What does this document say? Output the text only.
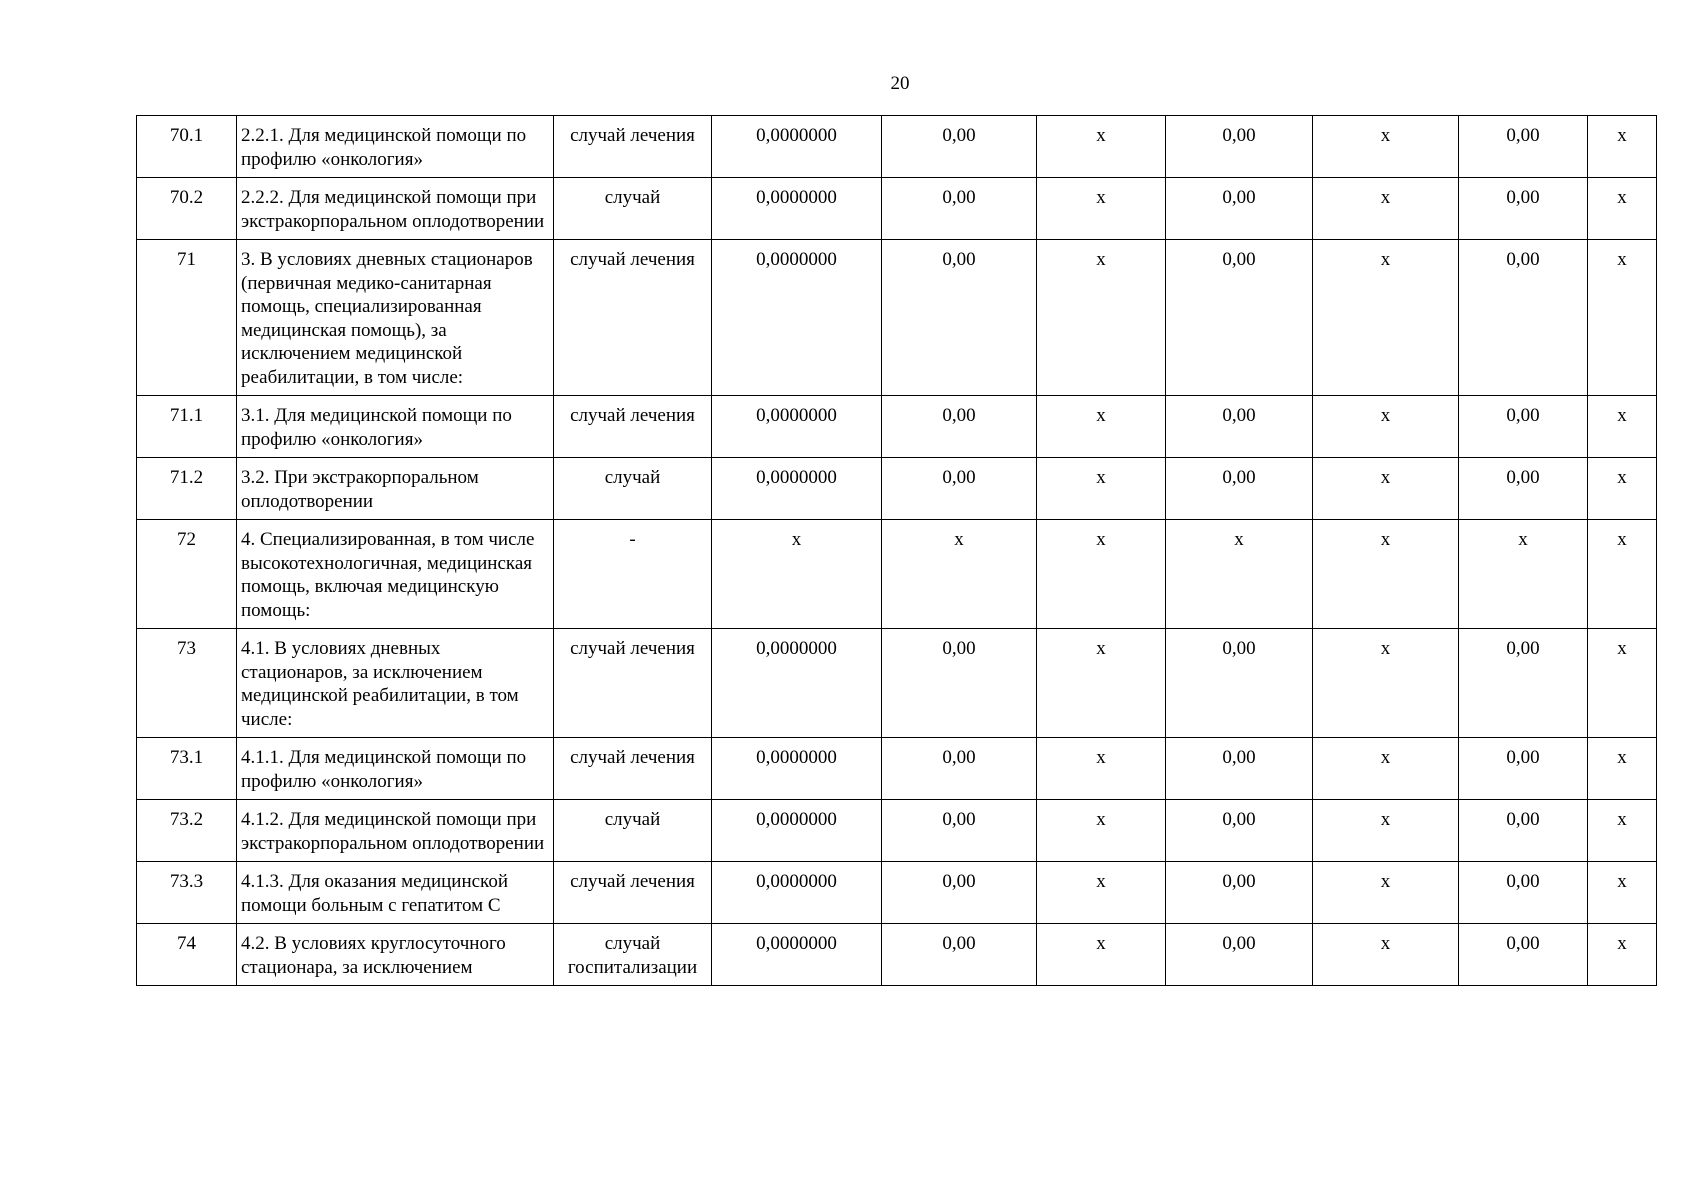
20
70.1	2.2.1. Для медицинской помощи по профилю «онкология»	случай лечения	0,0000000	0,00	х	0,00	х	0,00	х
70.2	2.2.2. Для медицинской помощи при экстракорпоральном оплодотворении	случай	0,0000000	0,00	х	0,00	х	0,00	х
71	3. В условиях дневных стационаров (первичная медико-санитарная помощь, специализированная медицинская помощь), за исключением медицинской реабилитации, в том числе:	случай лечения	0,0000000	0,00	х	0,00	х	0,00	х
71.1	3.1. Для медицинской помощи по профилю «онкология»	случай лечения	0,0000000	0,00	х	0,00	х	0,00	х
71.2	3.2. При экстракорпоральном оплодотворении	случай	0,0000000	0,00	х	0,00	х	0,00	х
72	4. Специализированная, в том числе высокотехнологичная, медицинская помощь, включая медицинскую помощь:	-	х	х	х	х	х	х	х
73	4.1. В условиях дневных стационаров, за исключением медицинской реабилитации, в том числе:	случай лечения	0,0000000	0,00	х	0,00	х	0,00	х
73.1	4.1.1. Для медицинской помощи по профилю «онкология»	случай лечения	0,0000000	0,00	х	0,00	х	0,00	х
73.2	4.1.2. Для медицинской помощи при экстракорпоральном оплодотворении	случай	0,0000000	0,00	х	0,00	х	0,00	х
73.3	4.1.3. Для оказания медицинской помощи больным с гепатитом С	случай лечения	0,0000000	0,00	х	0,00	х	0,00	х
74	4.2. В условиях круглосуточного стационара, за исключением	случай госпитализации	0,0000000	0,00	х	0,00	х	0,00	х
